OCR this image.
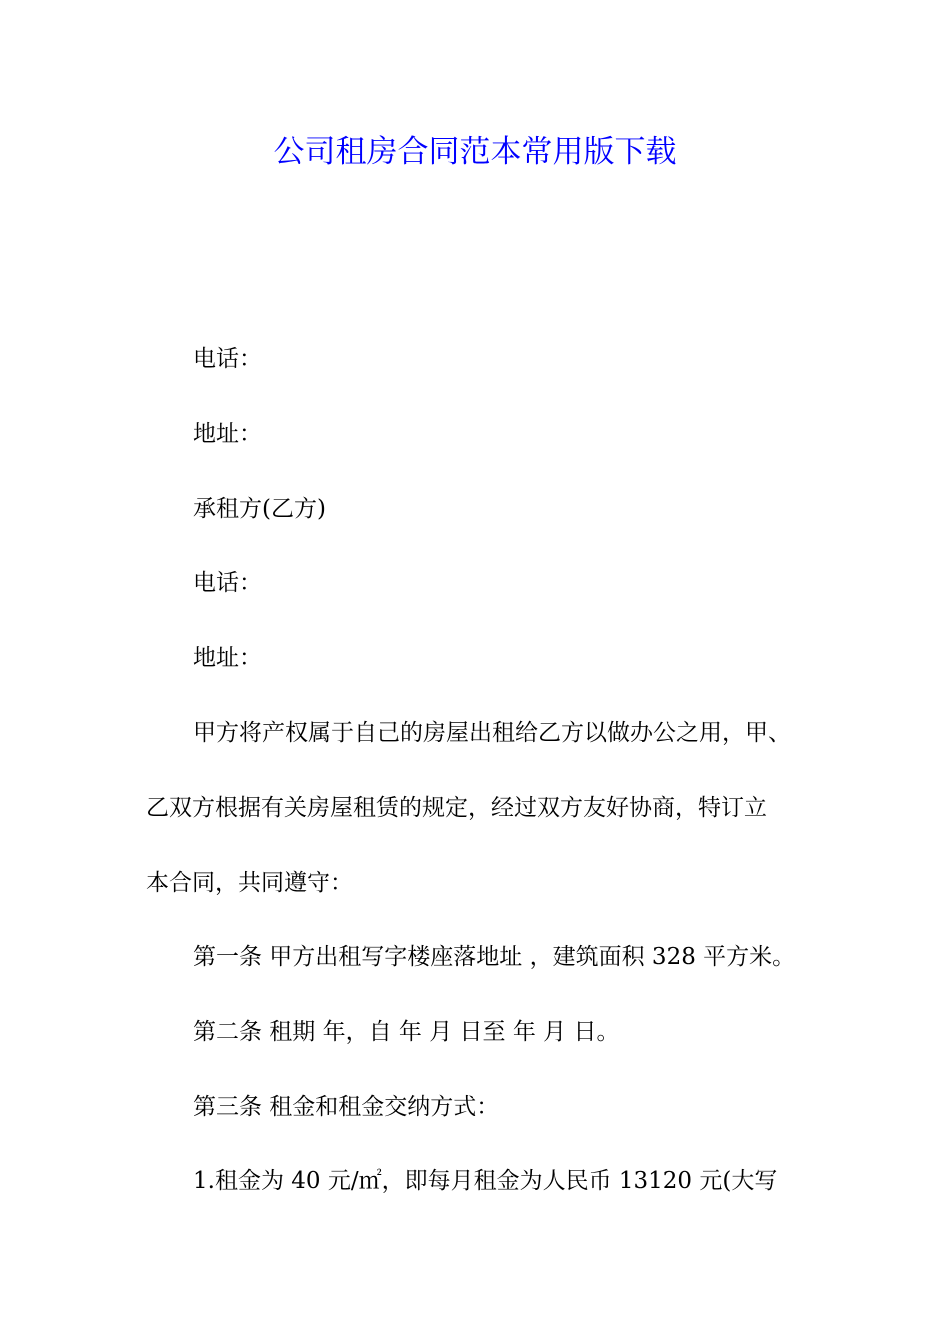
公司租房合同范本常用版下载

电话：

地址：

承租方(乙方)

电话：

地址：

甲方将产权属于自己的房屋出租给乙方以做办公之用，甲、

乙双方根据有关房屋租赁的规定，经过双方友好协商，特订立

本合同，共同遵守：

第一条 甲方出租写字楼座落地址 ，建筑面积 328 平方米。

第二条 租期 年，自 年 月 日至 年 月 日。

第三条 租金和租金交纳方式：

1.租金为 40 元/㎡，即每月租金为人民币 13120 元(大写
